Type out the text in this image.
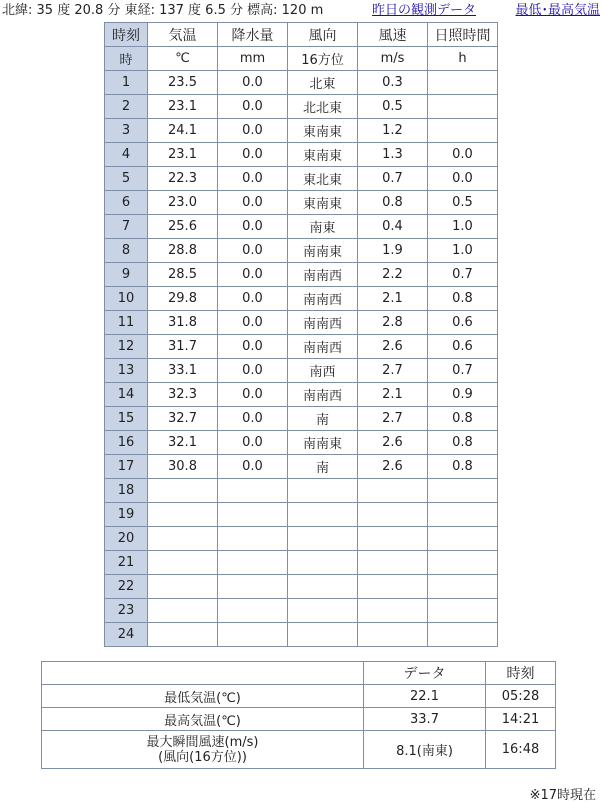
北緯: 35 度 20.8 分 東経: 137 度 6.5 分 標高: 120 m	昨日の観測データ	最低･最高気温
時刻	気温	降水量	風向	風速	日照時間
時	℃	mm	16方位	m/s	h
1	23.5	0.0	北東	0.3	
2	23.1	0.0	北北東	0.5	
3	24.1	0.0	東南東	1.2	
4	23.1	0.0	東南東	1.3	0.0
5	22.3	0.0	東北東	0.7	0.0
6	23.0	0.0	東南東	0.8	0.5
7	25.6	0.0	南東	0.4	1.0
8	28.8	0.0	南南東	1.9	1.0
9	28.5	0.0	南南西	2.2	0.7
10	29.8	0.0	南南西	2.1	0.8
11	31.8	0.0	南南西	2.8	0.6
12	31.7	0.0	南南西	2.6	0.6
13	33.1	0.0	南西	2.7	0.7
14	32.3	0.0	南南西	2.1	0.9
15	32.7	0.0	南	2.7	0.8
16	32.1	0.0	南南東	2.6	0.8
17	30.8	0.0	南	2.6	0.8
18					
19					
20					
21					
22					
23					
24					
	データ	時刻
最低気温(℃)	22.1	05:28
最高気温(℃)	33.7	14:21

最大瞬間風速(m/s)
(風向(16方位))	8.1(南東)	16:48
※17時現在
